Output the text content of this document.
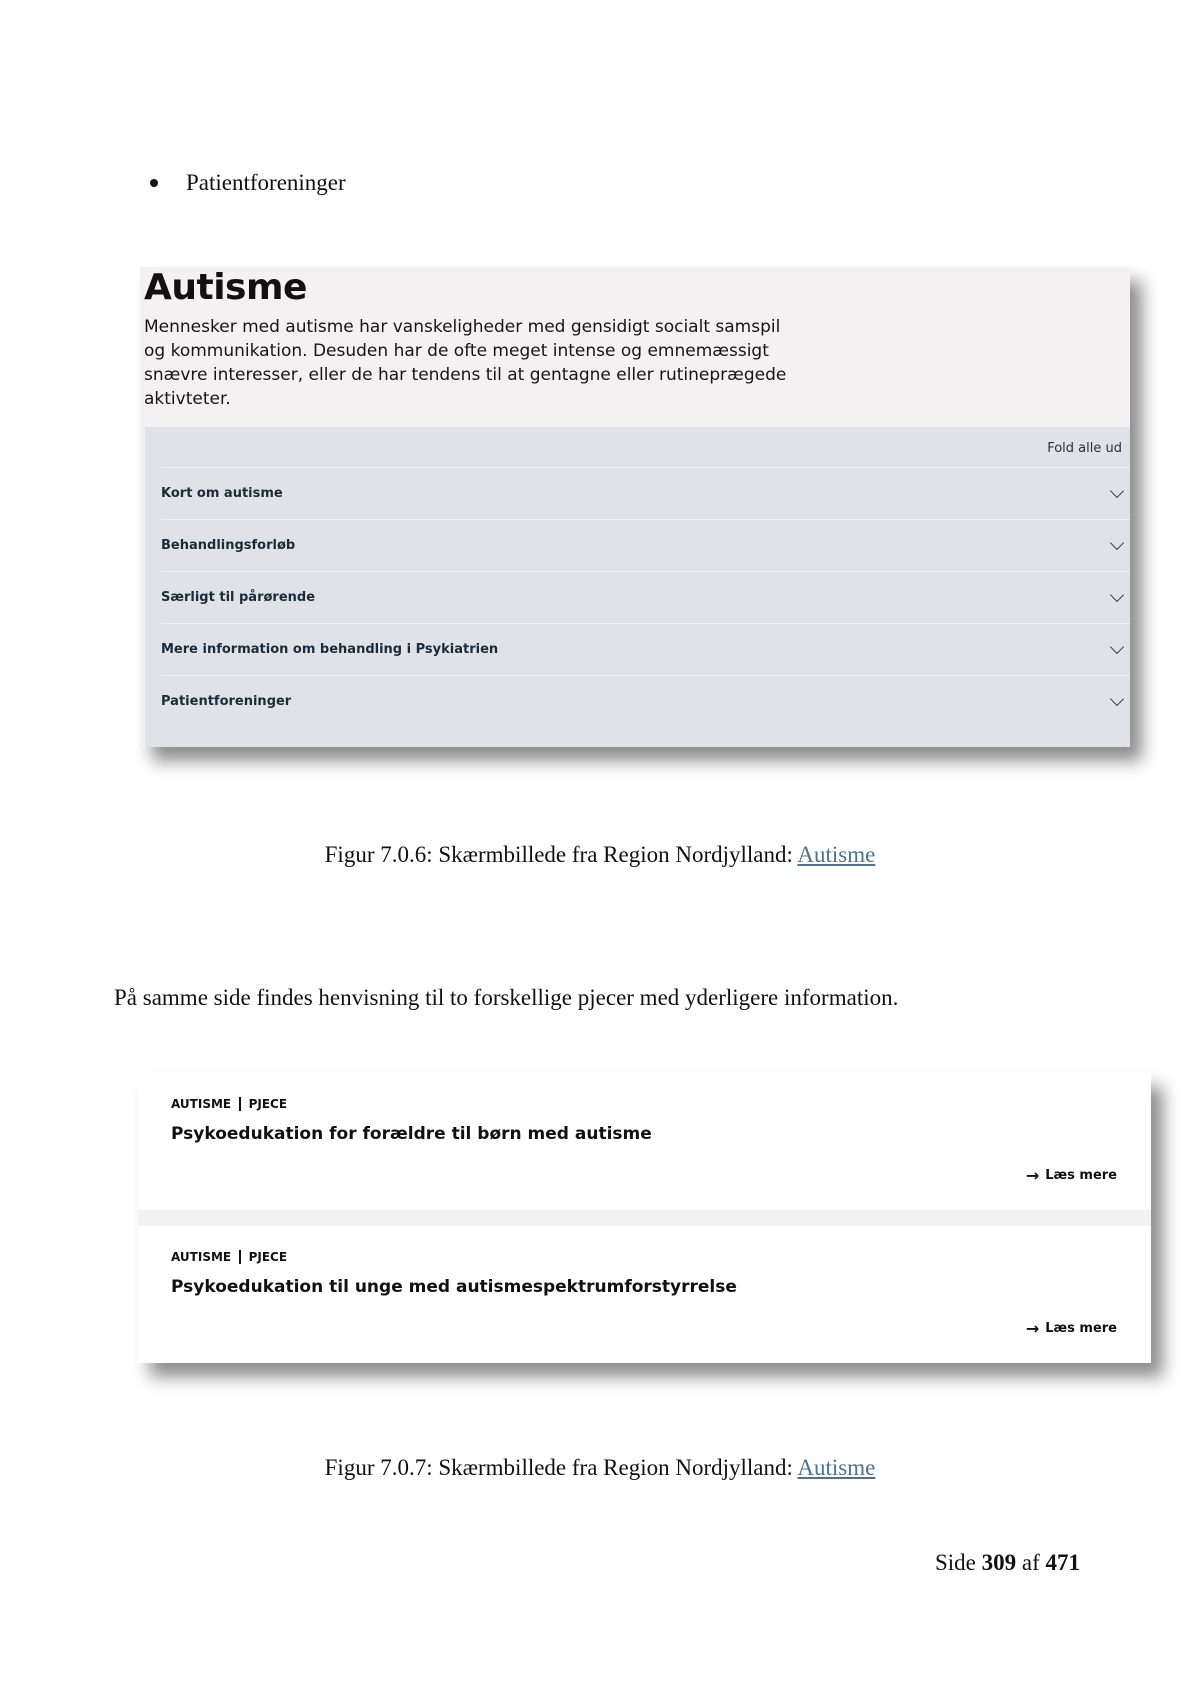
Patientforeninger
Autisme
Mennesker med autisme har vanskeligheder med gensidigt socialt samspil og kommunikation. Desuden har de ofte meget intense og emnemæssigt snævre interesser, eller de har tendens til at gentagne eller rutineprægede aktivteter.
Fold alle ud
Kort om autisme
Behandlingsforløb
Særligt til pårørende
Mere information om behandling i Psykiatrien
Patientforeninger
Figur 7.0.6: Skærmbillede fra Region Nordjylland: Autisme
På samme side findes henvisning til to forskellige pjecer med yderligere information.
AUTISME PJECE
Psykoedukation for forældre til børn med autisme
→ Læs mere
AUTISME PJECE
Psykoedukation til unge med autismespektrumforstyrrelse
→ Læs mere
Figur 7.0.7: Skærmbillede fra Region Nordjylland: Autisme
Side 309 af 471
